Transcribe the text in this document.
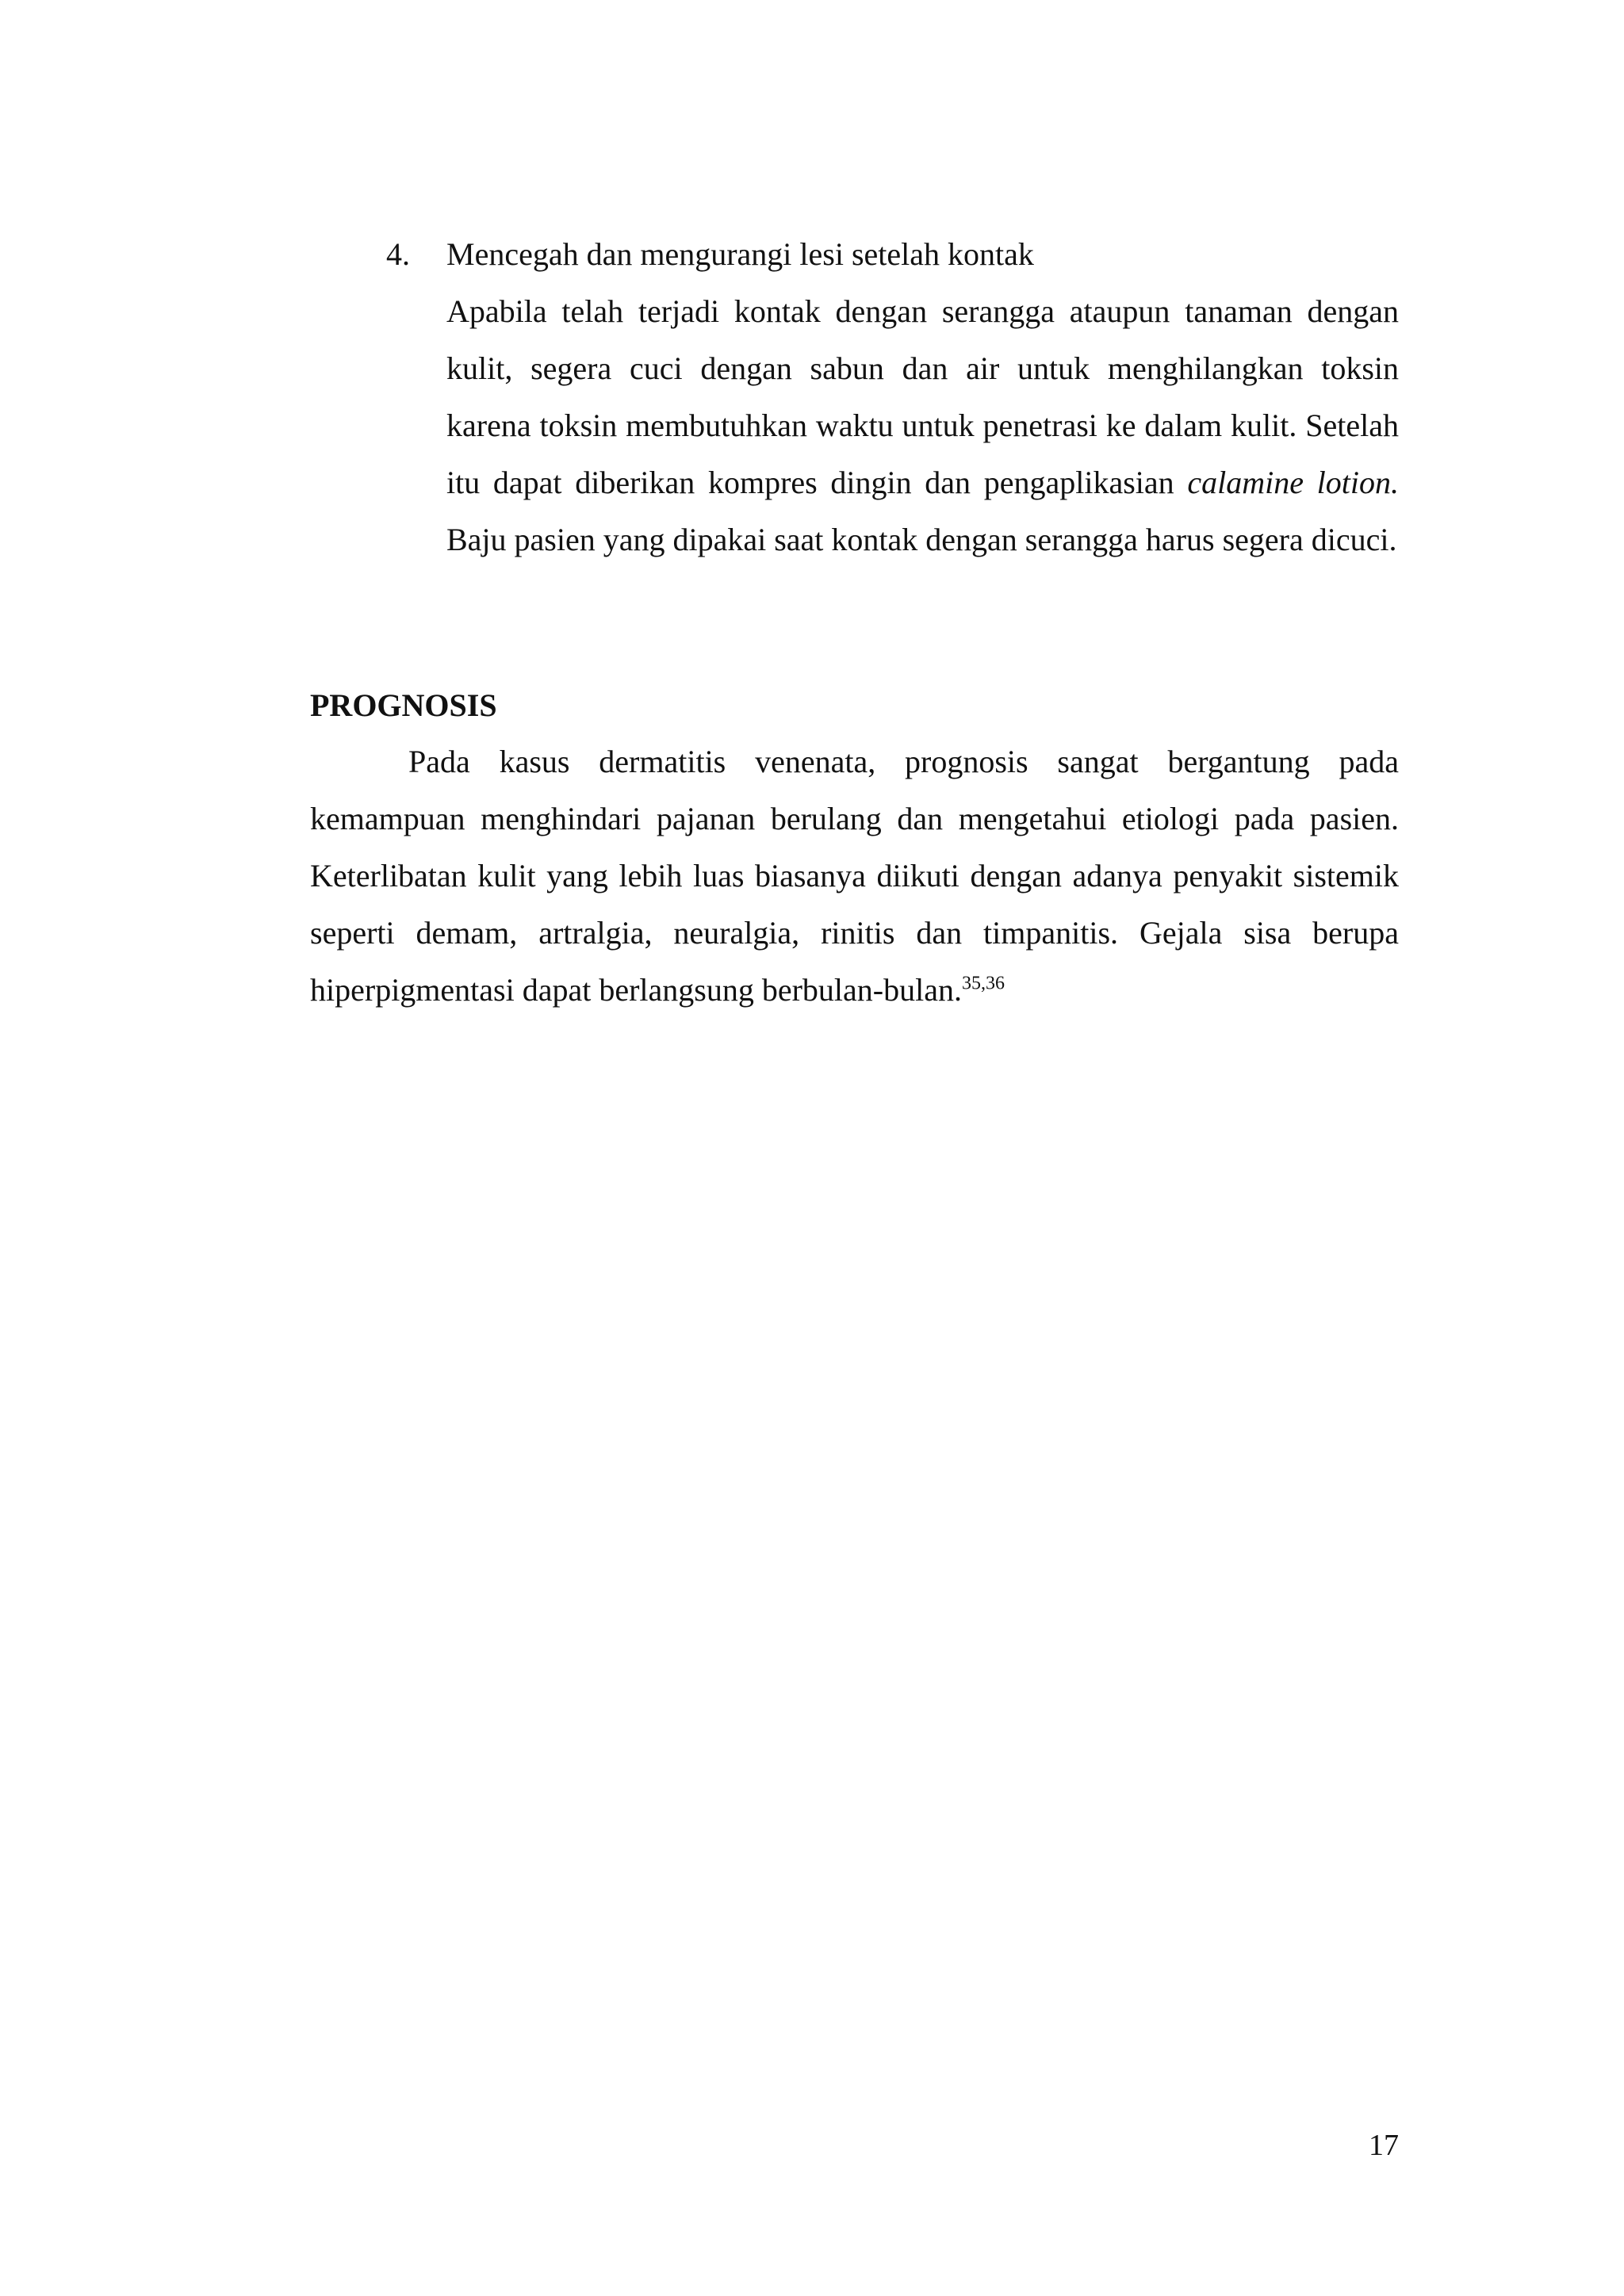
4. Mencegah dan mengurangi lesi setelah kontak

Apabila telah terjadi kontak dengan serangga ataupun tanaman dengan kulit, segera cuci dengan sabun dan air untuk menghilangkan toksin karena toksin membutuhkan waktu untuk penetrasi ke dalam kulit. Setelah itu dapat diberikan kompres dingin dan pengaplikasian calamine lotion. Baju pasien yang dipakai saat kontak dengan serangga harus segera dicuci.

PROGNOSIS

Pada kasus dermatitis venenata, prognosis sangat bergantung pada kemampuan menghindari pajanan berulang dan mengetahui etiologi pada pasien. Keterlibatan kulit yang lebih luas biasanya diikuti dengan adanya penyakit sistemik seperti demam, artralgia, neuralgia, rinitis dan timpanitis. Gejala sisa berupa hiperpigmentasi dapat berlangsung berbulan-bulan.$^{35,36}$

17
